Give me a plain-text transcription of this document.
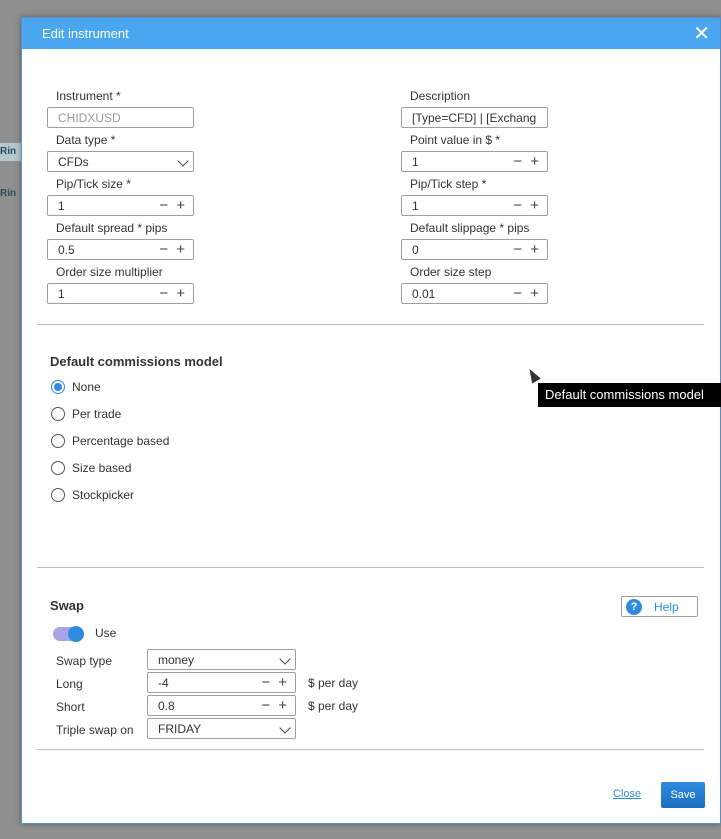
Rin
Rin
Edit instrument	✕
Instrument *
CHIDXUSD
Data type *
CFDs
Pip/Tick size *
1	− +
Default spread * pips
0.5	− +
Order size multiplier
1	− +
Description
[Type=CFD] | [Exchang
Point value in $ *
1	− +
Pip/Tick step *
1	− +
Default slippage * pips
0	− +
Order size step
0.01	− +
Default commissions model
None
Per trade
Percentage based
Size based
Stockpicker
Default commissions model
Swap	?	Help
Use
Swap type	money
Long	-4	− + $ per day
Short	0.8	− + $ per day
Triple swap on	FRIDAY
Close	Save
